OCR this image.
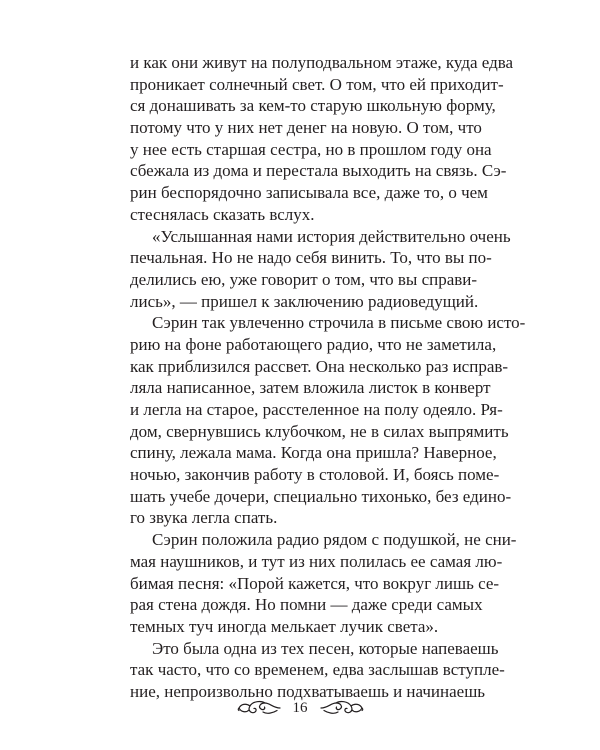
и как они живут на полуподвальном этаже, куда едва
проникает солнечный свет. О том, что ей приходит-
ся донашивать за кем-то старую школьную форму,
потому что у них нет денег на новую. О том, что
у нее есть старшая сестра, но в прошлом году она
сбежала из дома и перестала выходить на связь. Сэ-
рин беспорядочно записывала все, даже то, о чем
стеснялась сказать вслух.
«Услышанная нами история действительно очень
печальная. Но не надо себя винить. То, что вы по-
делились ею, уже говорит о том, что вы справи-
лись», — пришел к заключению радиоведущий.
Сэрин так увлеченно строчила в письме свою исто-
рию на фоне работающего радио, что не заметила,
как приблизился рассвет. Она несколько раз исправ-
ляла написанное, затем вложила листок в конверт
и легла на старое, расстеленное на полу одеяло. Ря-
дом, свернувшись клубочком, не в силах выпрямить
спину, лежала мама. Когда она пришла? Наверное,
ночью, закончив работу в столовой. И, боясь поме-
шать учебе дочери, специально тихонько, без едино-
го звука легла спать.
Сэрин положила радио рядом с подушкой, не сни-
мая наушников, и тут из них полилась ее самая лю-
бимая песня: «Порой кажется, что вокруг лишь се-
рая стена дождя. Но помни — даже среди самых
темных туч иногда мелькает лучик света».
Это была одна из тех песен, которые напеваешь
так часто, что со временем, едва заслышав вступле-
ние, непроизвольно подхватываешь и начинаешь
16
